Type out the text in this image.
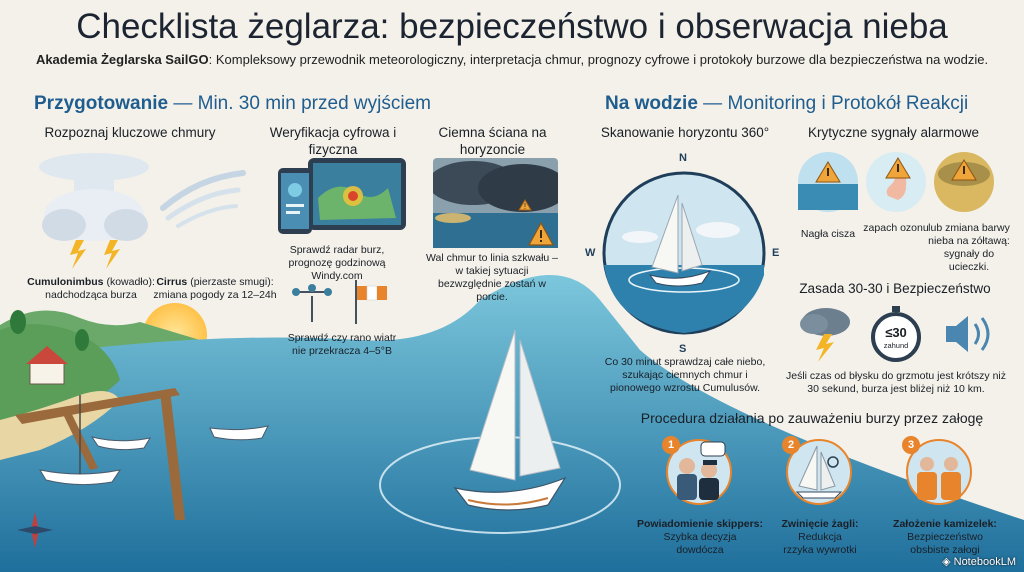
Checklista żeglarza: bezpieczeństwo i obserwacja nieba
Akademia Żeglarska SailGO: Kompleksowy przewodnik meteorologiczny, interpretacja chmur, prognozy cyfrowe i protokoły burzowe dla bezpieczeństwa na wodzie.
Przygotowanie — Min. 30 min przed wyjściem
Rozpoznaj kluczowe chmury
Cumulonimbus (kowadło):
nadchodząca burza
Cirrus (pierzaste smugi):
zmiana pogody za 12–24h
Weryfikacja cyfrowa i fizyczna
Sprawdź radar burz, prognozę godzinową Windy.com
Sprawdź czy rano wiatr nie przekracza 4–5°B
Ciemna ściana na horyzoncie
!
Wal chmur to linia szkwału – w takiej sytuacji bezwzględnie zostań w porcie.
Na wodzie — Monitoring i Protokół Reakcji
Skanowanie horyzontu 360°
N
E
S
W
Co 30 minut sprawdzaj całe niebo, szukając ciemnych chmur i pionowego wzrostu Cumulusów.
Krytyczne sygnały alarmowe
Nagła cisza zapach ozonu lub zmiana barwy nieba na zółtawą: sygnały do ucieczki.
Zasada 30-30 i Bezpieczeństwo
≤30
zahund
Jeśli czas od błysku do grzmotu jest krótszy niż 30 sekund, burza jest bliżej niż 10 km.
Procedura działania po zauważeniu burzy przez załogę
1	2	3
Powiadomienie skippers:
Szybka decyzja dowdócza
Zwinięcie żagli:
Redukcja rzzyka wywrotki
Założenie kamizelek:
Bezpieczeństwo obsbiste załogi
◈ NotebookLM
